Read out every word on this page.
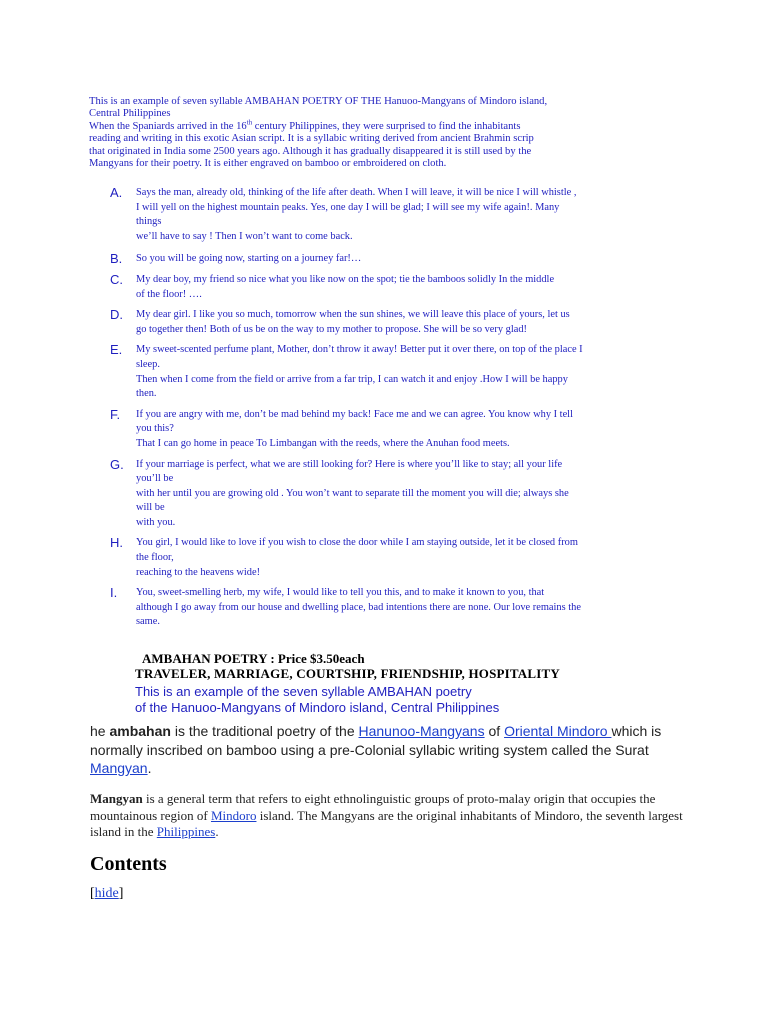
This is an example of seven syllable AMBAHAN POETRY OF THE Hanuoo-Mangyans of Mindoro island,
Central Philippines
When the Spaniards arrived in the 16th century Philippines, they were surprised to find the inhabitants
reading and writing in this exotic Asian script. It is a syllabic writing derived from ancient Brahmin scrip
that originated in India some 2500 years ago. Although it has gradually disappeared it is still used by the
Mangyans for their poetry. It is either engraved on bamboo or embroidered on cloth.
A. Says the man, already old, thinking of the life after death. When I will leave, it will be nice I will whistle ,
I will yell on the highest mountain peaks. Yes, one day I will be glad; I will see my wife again!. Many
things
we’ll have to say ! Then I won’t want to come back.
B. So you will be going now, starting on a journey far!…
C. My dear boy, my friend so nice what you like now on the spot; tie the bamboos solidly In the middle
of the floor! ….
D. My dear girl. I like you so much, tomorrow when the sun shines, we will leave this place of yours, let us
go together then! Both of us be on the way to my mother to propose. She will be so very glad!
E. My sweet-scented perfume plant, Mother, don’t throw it away! Better put it over there, on top of the place I
sleep.
Then when I come from the field or arrive from a far trip, I can watch it and enjoy .How I will be happy
then.
F. If you are angry with me, don’t be mad behind my back! Face me and we can agree. You know why I tell
you this?
That I can go home in peace To Limbangan with the reeds, where the Anuhan food meets.
G. If your marriage is perfect, what we are still looking for? Here is where you’ll like to stay; all your life
you’ll be
with her until you are growing old . You won’t want to separate till the moment you will die; always she
will be
with you.
H. You girl, I would like to love if you wish to close the door while I am staying outside, let it be closed from
the floor,
reaching to the heavens wide!
I. You, sweet-smelling herb, my wife, I would like to tell you this, and to make it known to you, that
although I go away from our house and dwelling place, bad intentions there are none. Our love remains the
same.
AMBAHAN POETRY : Price $3.50each
TRAVELER, MARRIAGE, COURTSHIP, FRIENDSHIP, HOSPITALITY
This is an example of the seven syllable AMBAHAN poetry
of the Hanuoo-Mangyans of Mindoro island, Central Philippines
he ambahan is the traditional poetry of the Hanunoo-Mangyans of Oriental Mindoro which is normally inscribed on bamboo using a pre-Colonial syllabic writing system called the Surat Mangyan.
Mangyan is a general term that refers to eight ethnolinguistic groups of proto-malay origin that occupies the mountainous region of Mindoro island. The Mangyans are the original inhabitants of Mindoro, the seventh largest island in the Philippines.
Contents
[hide]
